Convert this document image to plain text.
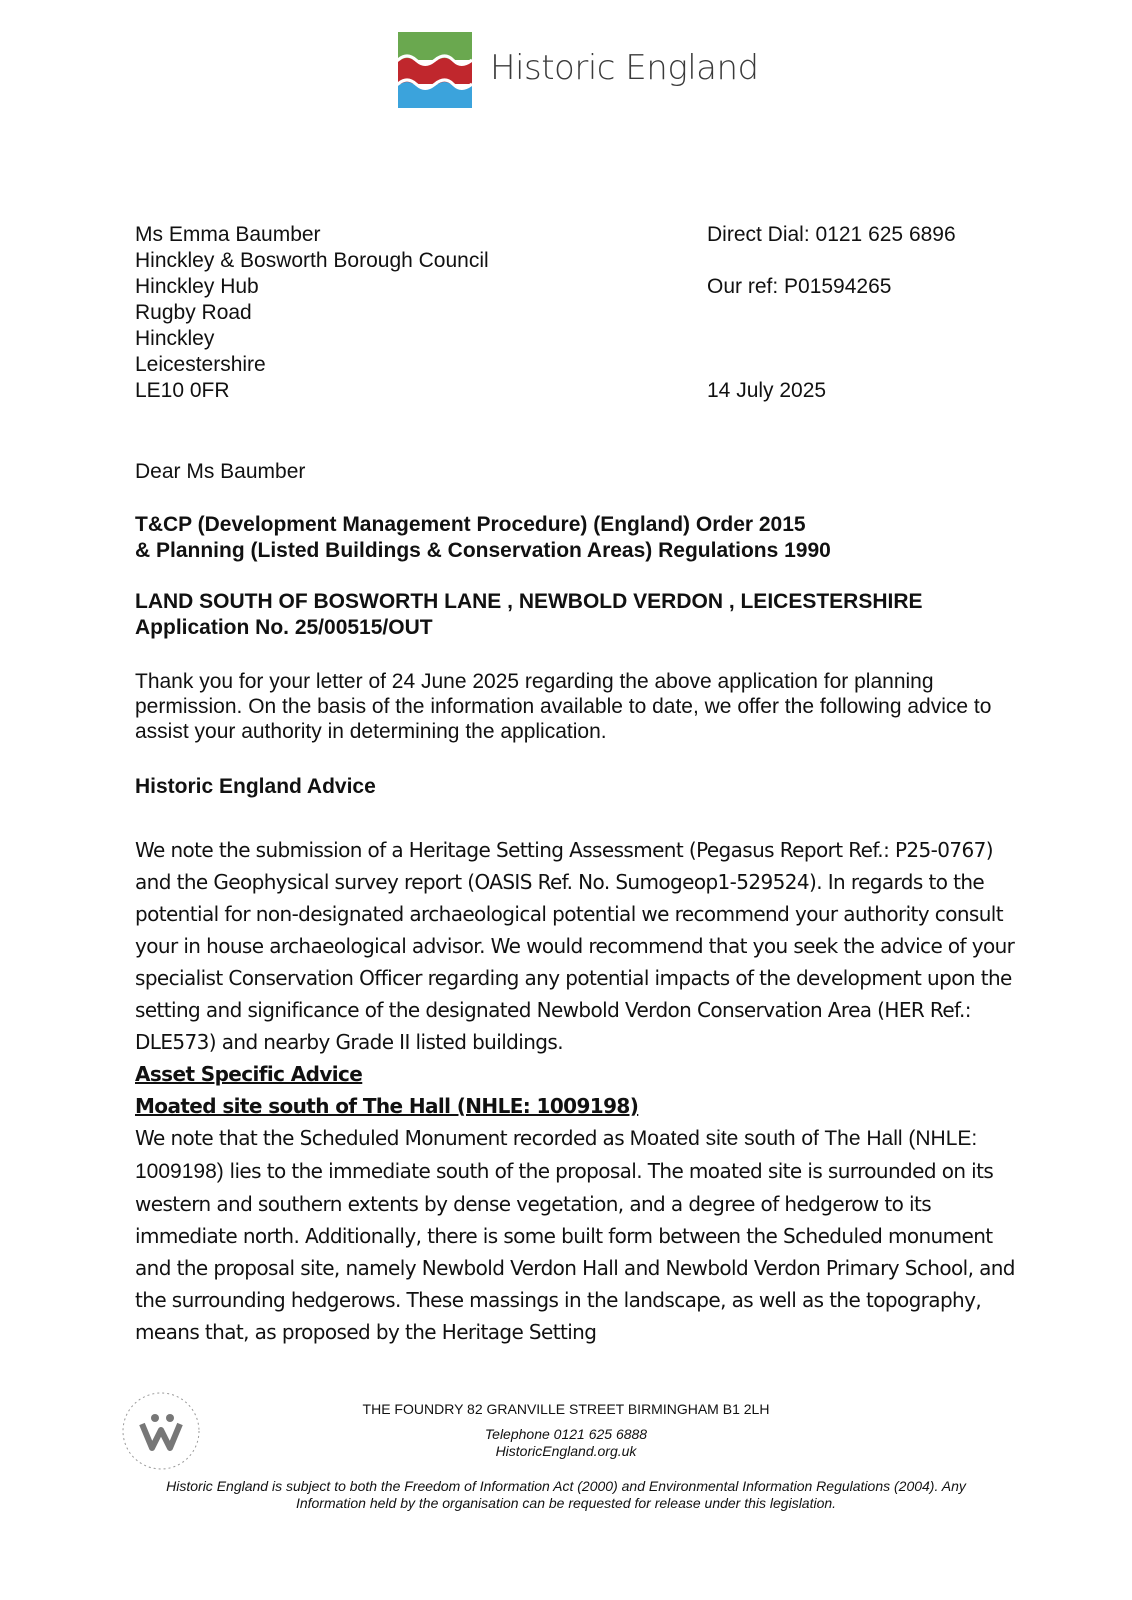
Historic England
Ms Emma Baumber
Hinckley & Bosworth Borough Council
Hinckley Hub
Rugby Road
Hinckley
Leicestershire
LE10 0FR
Direct Dial: 0121 625 6896
Our ref: P01594265
14 July 2025
Dear Ms Baumber
T&CP (Development Management Procedure) (England) Order 2015
& Planning (Listed Buildings & Conservation Areas) Regulations 1990
LAND SOUTH OF BOSWORTH LANE , NEWBOLD VERDON , LEICESTERSHIRE
Application No. 25/00515/OUT
Thank you for your letter of 24 June 2025 regarding the above application for planning permission. On the basis of the information available to date, we offer the following advice to assist your authority in determining the application.
Historic England Advice

We note the submission of a Heritage Setting Assessment (Pegasus Report Ref.: P25-0767) and the Geophysical survey report (OASIS Ref. No. Sumogeop1-529524). In regards to the potential for non-designated archaeological potential we recommend your authority consult your in house archaeological advisor. We would recommend that you seek the advice of your specialist Conservation Officer regarding any potential impacts of the development upon the setting and significance of the designated Newbold Verdon Conservation Area (HER Ref.: DLE573) and nearby Grade II listed buildings.

Asset Specific Advice

Moated site south of The Hall (NHLE: 1009198)

We note that the Scheduled Monument recorded as Moated site south of The Hall (NHLE: 1009198) lies to the immediate south of the proposal. The moated site is surrounded on its western and southern extents by dense vegetation, and a degree of hedgerow to its immediate north. Additionally, there is some built form between the Scheduled monument and the proposal site, namely Newbold Verdon Hall and Newbold Verdon Primary School, and the surrounding hedgerows. These massings in the landscape, as well as the topography, means that, as proposed by the Heritage Setting

THE FOUNDRY 82 GRANVILLE STREET BIRMINGHAM B1 2LH
Telephone 0121 625 6888
HistoricEngland.org.uk
Historic England is subject to both the Freedom of Information Act (2000) and Environmental Information Regulations (2004). Any
Information held by the organisation can be requested for release under this legislation.
